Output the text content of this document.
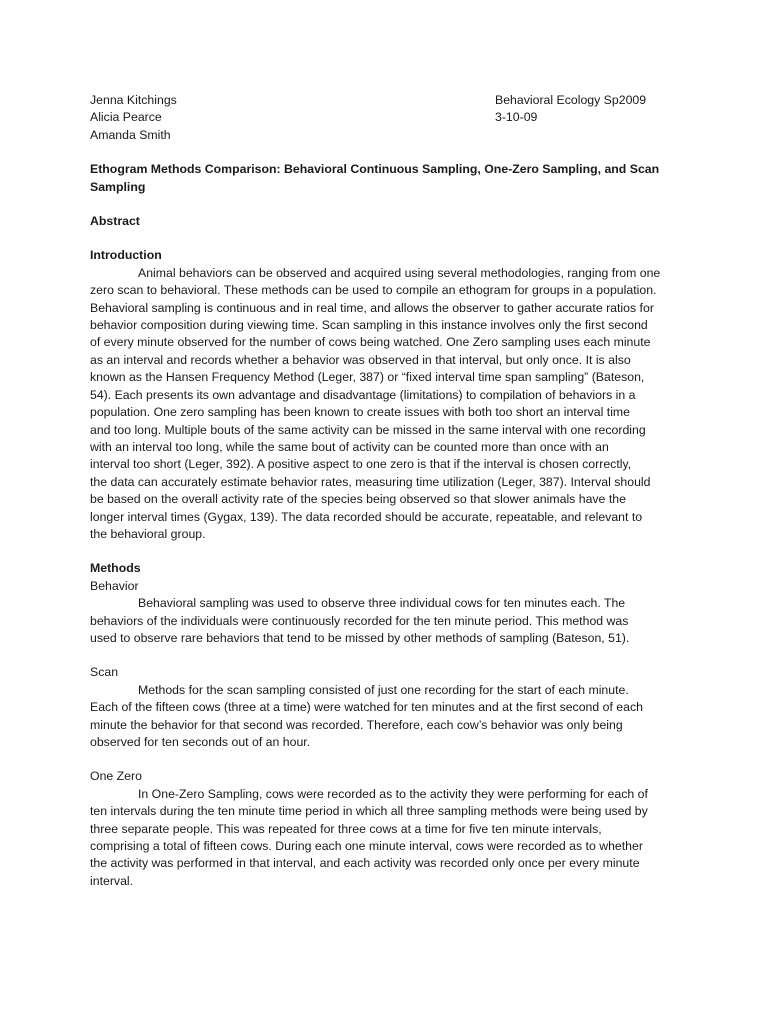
Jenna Kitchings
Alicia Pearce
Amanda Smith
Behavioral Ecology Sp2009
3-10-09
Ethogram Methods Comparison: Behavioral Continuous Sampling, One-Zero Sampling, and Scan
Sampling
Abstract
Introduction
Animal behaviors can be observed and acquired using several methodologies, ranging from one
zero scan to behavioral. These methods can be used to compile an ethogram for groups in a population.
Behavioral sampling is continuous and in real time, and allows the observer to gather accurate ratios for
behavior composition during viewing time. Scan sampling in this instance involves only the first second
of every minute observed for the number of cows being watched. One Zero sampling uses each minute
as an interval and records whether a behavior was observed in that interval, but only once. It is also
known as the Hansen Frequency Method (Leger, 387) or “fixed interval time span sampling” (Bateson,
54). Each presents its own advantage and disadvantage (limitations) to compilation of behaviors in a
population. One zero sampling has been known to create issues with both too short an interval time
and too long. Multiple bouts of the same activity can be missed in the same interval with one recording
with an interval too long, while the same bout of activity can be counted more than once with an
interval too short (Leger, 392). A positive aspect to one zero is that if the interval is chosen correctly,
the data can accurately estimate behavior rates, measuring time utilization (Leger, 387). Interval should
be based on the overall activity rate of the species being observed so that slower animals have the
longer interval times (Gygax, 139). The data recorded should be accurate, repeatable, and relevant to
the behavioral group.
Methods
Behavior
Behavioral sampling was used to observe three individual cows for ten minutes each. The
behaviors of the individuals were continuously recorded for the ten minute period. This method was
used to observe rare behaviors that tend to be missed by other methods of sampling (Bateson, 51).
Scan
Methods for the scan sampling consisted of just one recording for the start of each minute.
Each of the fifteen cows (three at a time) were watched for ten minutes and at the first second of each
minute the behavior for that second was recorded. Therefore, each cow’s behavior was only being
observed for ten seconds out of an hour.
One Zero
In One-Zero Sampling, cows were recorded as to the activity they were performing for each of
ten intervals during the ten minute time period in which all three sampling methods were being used by
three separate people. This was repeated for three cows at a time for five ten minute intervals,
comprising a total of fifteen cows. During each one minute interval, cows were recorded as to whether
the activity was performed in that interval, and each activity was recorded only once per every minute
interval.
